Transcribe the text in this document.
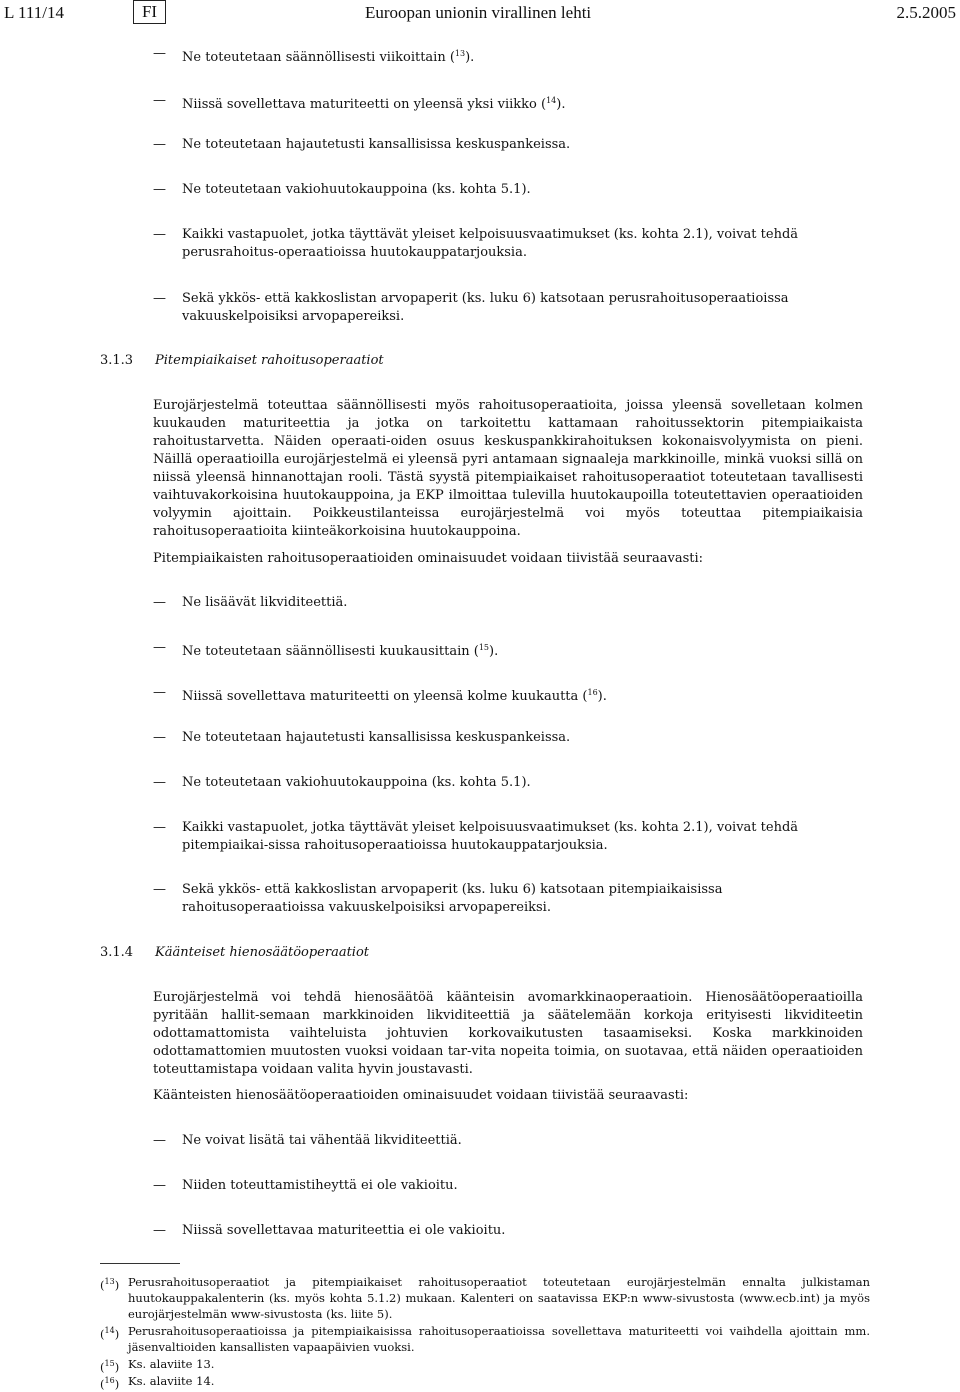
L 111/14	FI	Euroopan unionin virallinen lehti	2.5.2005
—
Ne toteutetaan säännöllisesti viikoittain ($^{13}$).
—
Niissä sovellettava maturiteetti on yleensä yksi viikko ($^{14}$).
—
Ne toteutetaan hajautetusti kansallisissa keskuspankeissa.
—
Ne toteutetaan vakiohuutokauppoina (ks. kohta 5.1).
—
Kaikki vastapuolet, jotka täyttävät yleiset kelpoisuusvaatimukset (ks. kohta 2.1), voivat tehdä perusrahoitus-operaatioissa huutokauppatarjouksia.
—
Sekä ykkös- että kakkoslistan arvopaperit (ks. luku 6) katsotaan perusrahoitusoperaatioissa vakuuskelpoisiksi arvopapereiksi.
3.1.3 Pitempiaikaiset rahoitusoperaatiot
Eurojärjestelmä toteuttaa säännöllisesti myös rahoitusoperaatioita, joissa yleensä sovelletaan kolmen kuukauden maturiteettia ja jotka on tarkoitettu kattamaan rahoitussektorin pitempiaikaista rahoitustarvetta. Näiden operaati-oiden osuus keskuspankkirahoituksen kokonaisvolyymista on pieni. Näillä operaatioilla eurojärjestelmä ei yleensä pyri antamaan signaaleja markkinoille, minkä vuoksi sillä on niissä yleensä hinnanottajan rooli. Tästä syystä pitempiaikaiset rahoitusoperaatiot toteutetaan tavallisesti vaihtuvakorkoisina huutokauppoina, ja EKP ilmoittaa tulevilla huutokaupoilla toteutettavien operaatioiden volyymin ajoittain. Poikkeustilanteissa eurojärjestelmä voi myös toteuttaa pitempiaikaisia rahoitusoperaatioita kiinteäkorkoisina huutokauppoina.
Pitempiaikaisten rahoitusoperaatioiden ominaisuudet voidaan tiivistää seuraavasti:
—
Ne lisäävät likviditeettiä.
—
Ne toteutetaan säännöllisesti kuukausittain ($^{15}$).
—
Niissä sovellettava maturiteetti on yleensä kolme kuukautta ($^{16}$).
—
Ne toteutetaan hajautetusti kansallisissa keskuspankeissa.
—
Ne toteutetaan vakiohuutokauppoina (ks. kohta 5.1).
—
Kaikki vastapuolet, jotka täyttävät yleiset kelpoisuusvaatimukset (ks. kohta 2.1), voivat tehdä pitempiaikai-sissa rahoitusoperaatioissa huutokauppatarjouksia.
—
Sekä ykkös- että kakkoslistan arvopaperit (ks. luku 6) katsotaan pitempiaikaisissa rahoitusoperaatioissa vakuuskelpoisiksi arvopapereiksi.
3.1.4 Käänteiset hienosäätöoperaatiot
Eurojärjestelmä voi tehdä hienosäätöä käänteisin avomarkkinaoperaatioin. Hienosäätöoperaatioilla pyritään hallit-semaan markkinoiden likviditeettiä ja säätelemään korkoja erityisesti likviditeetin odottamattomista vaihteluista johtuvien korkovaikutusten tasaamiseksi. Koska markkinoiden odottamattomien muutosten vuoksi voidaan tar-vita nopeita toimia, on suotavaa, että näiden operaatioiden toteuttamistapa voidaan valita hyvin joustavasti.
Käänteisten hienosäätöoperaatioiden ominaisuudet voidaan tiivistää seuraavasti:
—
Ne voivat lisätä tai vähentää likviditeettiä.
—
Niiden toteuttamistiheyttä ei ole vakioitu.
—
Niissä sovellettavaa maturiteettia ei ole vakioitu.
($^{13}$) Perusrahoitusoperaatiot ja pitempiaikaiset rahoitusoperaatiot toteutetaan eurojärjestelmän ennalta julkistaman huutokauppakalenterin (ks. myös kohta 5.1.2) mukaan. Kalenteri on saatavissa EKP:n www-sivustosta (www.ecb.int) ja myös eurojärjestelmän www-sivustosta (ks. liite 5).
($^{14}$) Perusrahoitusoperaatioissa ja pitempiaikaisissa rahoitusoperaatioissa sovellettava maturiteetti voi vaihdella ajoittain mm. jäsenvaltioiden kansallisten vapaapäivien vuoksi.
($^{15}$) Ks. alaviite 13.
($^{16}$) Ks. alaviite 14.
